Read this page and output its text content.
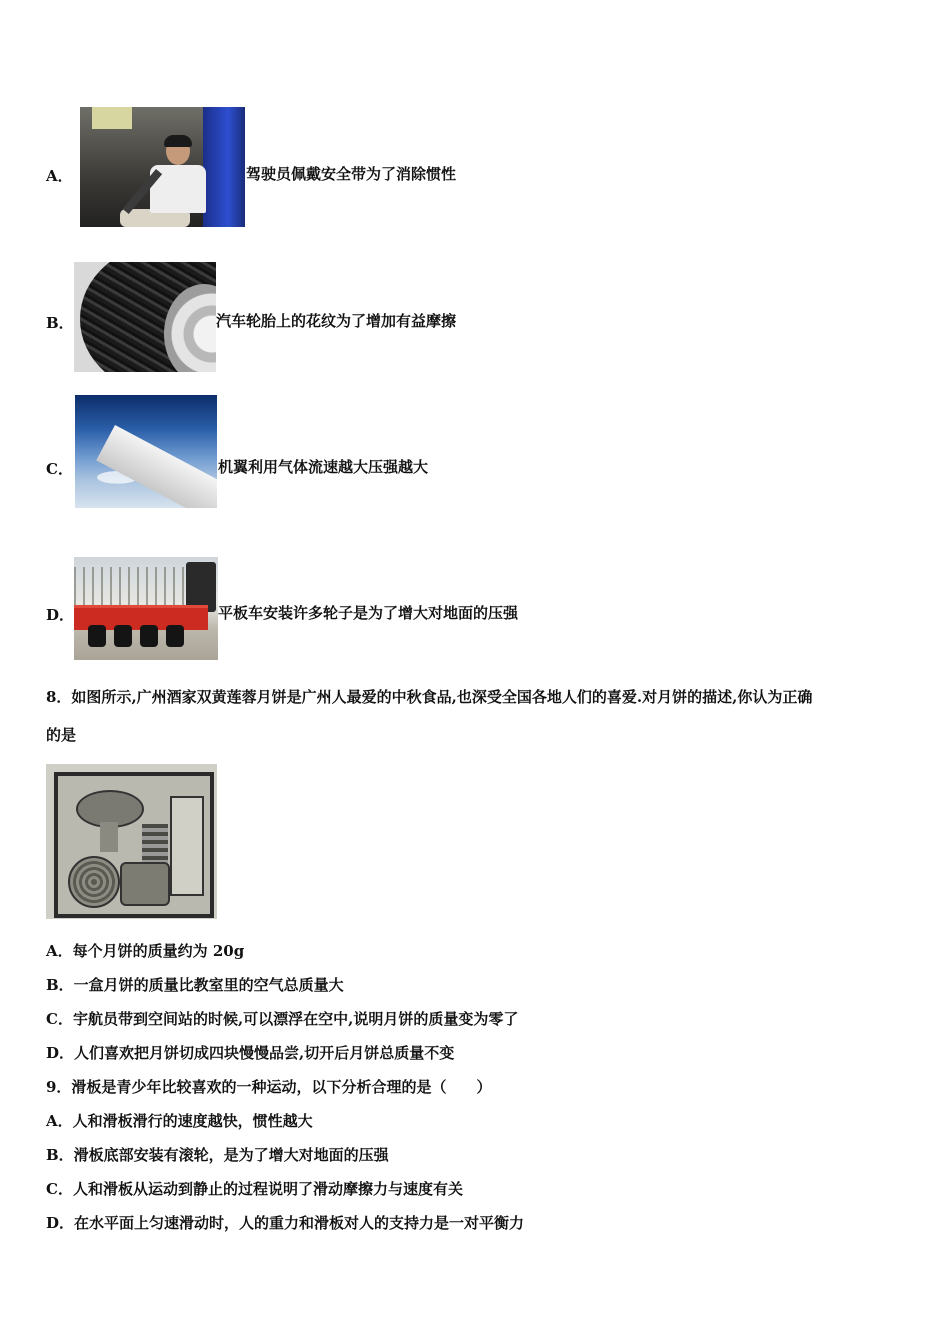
A．	驾驶员佩戴安全带为了消除惯性
B．	汽车轮胎上的花纹为了增加有益摩擦
C．	机翼利用气体流速越大压强越大
D．	平板车安装许多轮子是为了增大对地面的压强
8．如图所示,广州酒家双黄莲蓉月饼是广州人最爱的中秋食品,也深受全国各地人们的喜爱.对月饼的描述,你认为正确
的是
A．每个月饼的质量约为 20g
B．一盒月饼的质量比教室里的空气总质量大
C．宇航员带到空间站的时候,可以漂浮在空中,说明月饼的质量变为零了
D．人们喜欢把月饼切成四块慢慢品尝,切开后月饼总质量不变
9．滑板是青少年比较喜欢的一种运动，以下分析合理的是（　　）
A．人和滑板滑行的速度越快，惯性越大
B．滑板底部安装有滚轮，是为了增大对地面的压强
C．人和滑板从运动到静止的过程说明了滑动摩擦力与速度有关
D．在水平面上匀速滑动时，人的重力和滑板对人的支持力是一对平衡力
